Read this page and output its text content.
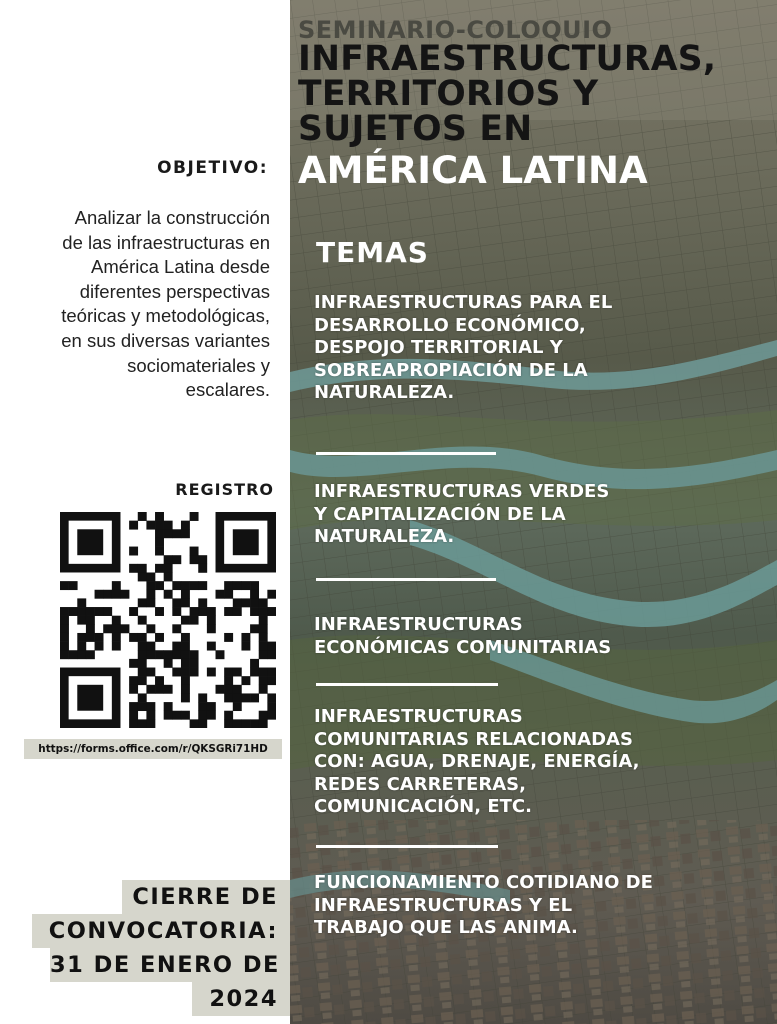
OBJETIVO:
Analizar la construcción
de las infraestructuras en
América Latina desde
diferentes perspectivas
teóricas y metodológicas,
en sus diversas variantes
sociomateriales y
escalares.
REGISTRO
https://forms.office.com/r/QKSGRi71HD
CIERRE DE
CONVOCATORIA:
31 DE ENERO DE
2024
SEMINARIO-COLOQUIO
INFRAESTRUCTURAS,
TERRITORIOS Y
SUJETOS EN
AMÉRICA LATINA
TEMAS
INFRAESTRUCTURAS PARA EL
DESARROLLO ECONÓMICO,
DESPOJO TERRITORIAL Y
SOBREAPROPIACIÓN DE LA
NATURALEZA.
INFRAESTRUCTURAS VERDES
Y CAPITALIZACIÓN DE LA
NATURALEZA.
INFRAESTRUCTURAS
ECONÓMICAS COMUNITARIAS
INFRAESTRUCTURAS
COMUNITARIAS RELACIONADAS
CON: AGUA, DRENAJE, ENERGÍA,
REDES CARRETERAS,
COMUNICACIÓN, ETC.
FUNCIONAMIENTO COTIDIANO DE
INFRAESTRUCTURAS Y EL
TRABAJO QUE LAS ANIMA.
